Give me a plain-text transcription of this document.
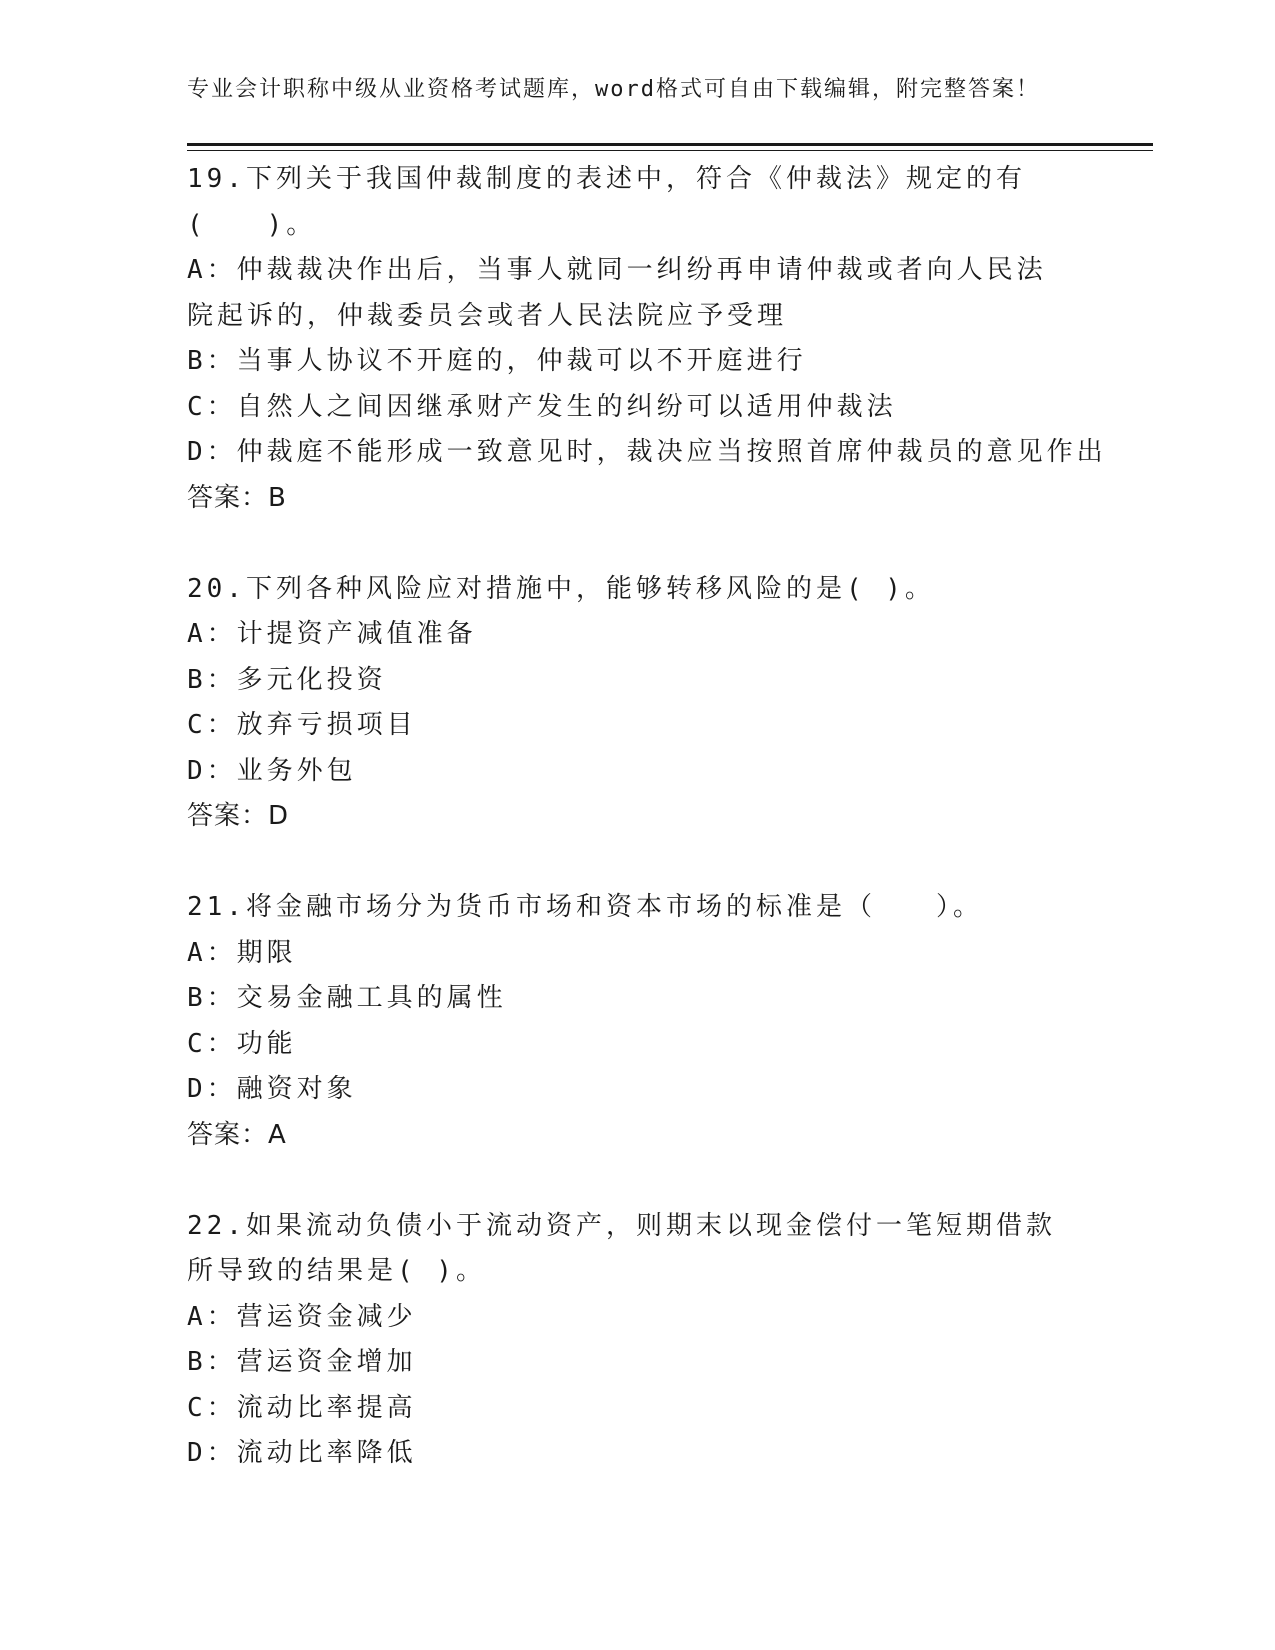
专业会计职称中级从业资格考试题库，word格式可自由下载编辑，附完整答案！
19.下列关于我国仲裁制度的表述中，符合《仲裁法》规定的有(　　)。
A：仲裁裁决作出后，当事人就同一纠纷再申请仲裁或者向人民法院起诉的，仲裁委员会或者人民法院应予受理
B：当事人协议不开庭的，仲裁可以不开庭进行
C：自然人之间因继承财产发生的纠纷可以适用仲裁法
D：仲裁庭不能形成一致意见时，裁决应当按照首席仲裁员的意见作出
答案：B
20.下列各种风险应对措施中，能够转移风险的是( )。
A：计提资产减值准备
B：多元化投资
C：放弃亏损项目
D：业务外包
答案：D
21.将金融市场分为货币市场和资本市场的标准是（　　）。
A：期限
B：交易金融工具的属性
C：功能
D：融资对象
答案：A
22.如果流动负债小于流动资产，则期末以现金偿付一笔短期借款所导致的结果是( )。
A：营运资金减少
B：营运资金增加
C：流动比率提高
D：流动比率降低
